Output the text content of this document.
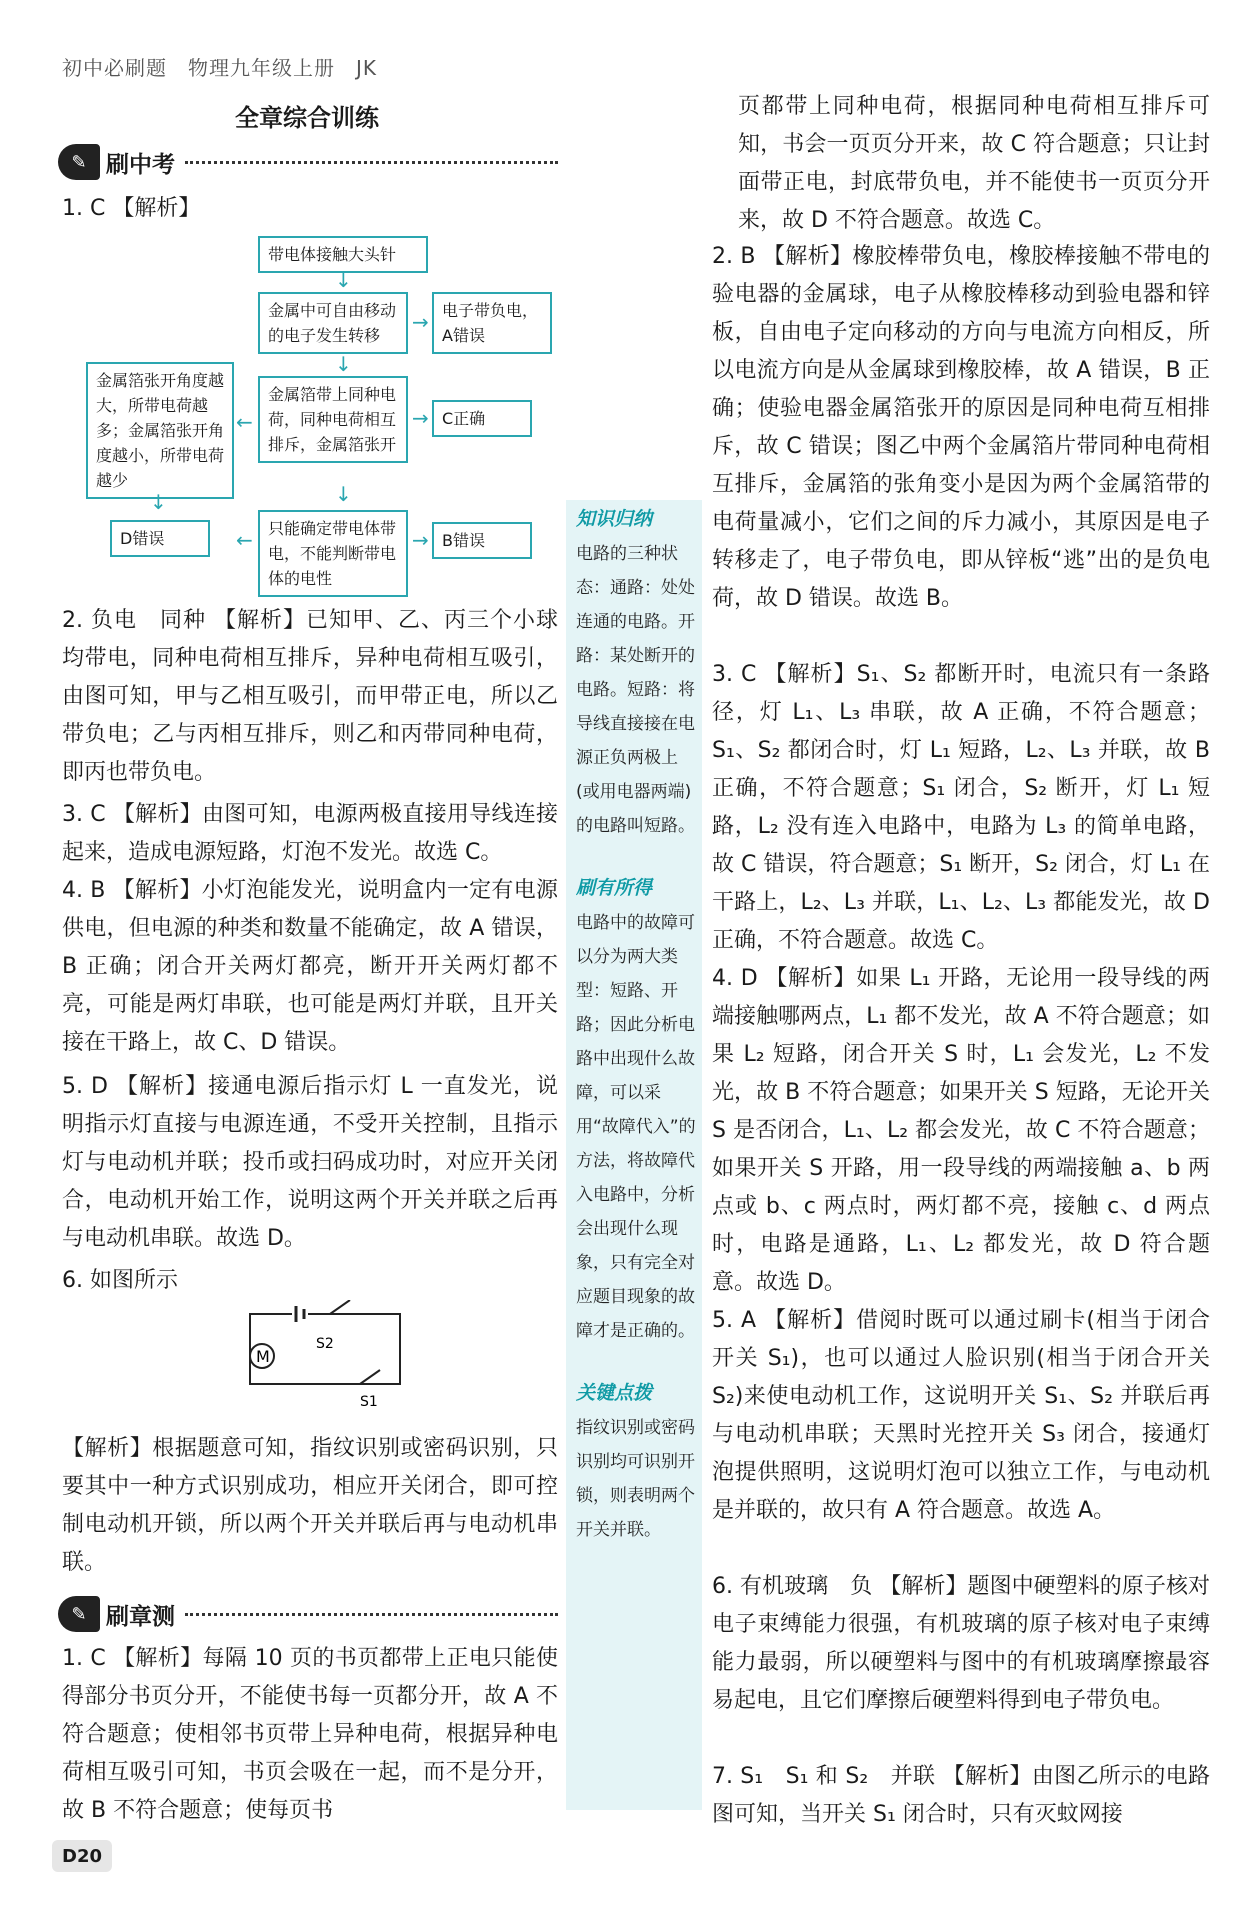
初中必刷题　物理九年级上册　JK
全章综合训练
✎ 刷中考
1. C 【解析】
带电体接触大头针
↓
金属中可自由移动的电子发生转移
→ 电子带负电，A错误
↓
金属箔带上同种电荷，同种电荷相互排斥，金属箔张开
→ C正确
←
金属箔张开角度越大，所带电荷越多；金属箔张开角度越小，所带电荷越少
↓
D错误
↓
只能确定带电体带电，不能判断带电体的电性
←	→ B错误
2. 负电　同种 【解析】已知甲、乙、丙三个小球均带电，同种电荷相互排斥，异种电荷相互吸引，由图可知，甲与乙相互吸引，而甲带正电，所以乙带负电；乙与丙相互排斥，则乙和丙带同种电荷，即丙也带负电。
3. C 【解析】由图可知，电源两极直接用导线连接起来，造成电源短路，灯泡不发光。故选 C。
4. B 【解析】小灯泡能发光，说明盒内一定有电源供电，但电源的种类和数量不能确定，故 A 错误，B 正确；闭合开关两灯都亮，断开开关两灯都不亮，可能是两灯串联，也可能是两灯并联，且开关接在干路上，故 C、D 错误。
5. D 【解析】接通电源后指示灯 L 一直发光，说明指示灯直接与电源连通，不受开关控制，且指示灯与电动机并联；投币或扫码成功时，对应开关闭合，电动机开始工作，说明这两个开关并联之后再与电动机串联。故选 D。
6. 如图所示
M
S2
S1
【解析】根据题意可知，指纹识别或密码识别，只要其中一种方式识别成功，相应开关闭合，即可控制电动机开锁，所以两个开关并联后再与电动机串联。
✎ 刷章测
1. C 【解析】每隔 10 页的书页都带上正电只能使得部分书页分开，不能使书每一页都分开，故 A 不符合题意；使相邻书页带上异种电荷，根据异种电荷相互吸引可知，书页会吸在一起，而不是分开，故 B 不符合题意；使每页书
知识归纳
电路的三种状态：通路：处处连通的电路。开路：某处断开的电路。短路：将导线直接接在电源正负两极上(或用电器两端)的电路叫短路。
刷有所得
电路中的故障可以分为两大类型：短路、开路；因此分析电路中出现什么故障，可以采用“故障代入”的方法，将故障代入电路中，分析会出现什么现象，只有完全对应题目现象的故障才是正确的。
关键点拨
指纹识别或密码识别均可识别开锁，则表明两个开关并联。
页都带上同种电荷，根据同种电荷相互排斥可知，书会一页页分开来，故 C 符合题意；只让封面带正电，封底带负电，并不能使书一页页分开来，故 D 不符合题意。故选 C。
2. B 【解析】橡胶棒带负电，橡胶棒接触不带电的验电器的金属球，电子从橡胶棒移动到验电器和锌板，自由电子定向移动的方向与电流方向相反，所以电流方向是从金属球到橡胶棒，故 A 错误，B 正确；使验电器金属箔张开的原因是同种电荷互相排斥，故 C 错误；图乙中两个金属箔片带同种电荷相互排斥，金属箔的张角变小是因为两个金属箔带的电荷量减小，它们之间的斥力减小，其原因是电子转移走了，电子带负电，即从锌板“逃”出的是负电荷，故 D 错误。故选 B。
3. C 【解析】S₁、S₂ 都断开时，电流只有一条路径，灯 L₁、L₃ 串联，故 A 正确，不符合题意；S₁、S₂ 都闭合时，灯 L₁ 短路，L₂、L₃ 并联，故 B 正确，不符合题意；S₁ 闭合，S₂ 断开，灯 L₁ 短路，L₂ 没有连入电路中，电路为 L₃ 的简单电路，故 C 错误，符合题意；S₁ 断开，S₂ 闭合，灯 L₁ 在干路上，L₂、L₃ 并联，L₁、L₂、L₃ 都能发光，故 D 正确，不符合题意。故选 C。
4. D 【解析】如果 L₁ 开路，无论用一段导线的两端接触哪两点，L₁ 都不发光，故 A 不符合题意；如果 L₂ 短路，闭合开关 S 时，L₁ 会发光，L₂ 不发光，故 B 不符合题意；如果开关 S 短路，无论开关 S 是否闭合，L₁、L₂ 都会发光，故 C 不符合题意；如果开关 S 开路，用一段导线的两端接触 a、b 两点或 b、c 两点时，两灯都不亮，接触 c、d 两点时，电路是通路，L₁、L₂ 都发光，故 D 符合题意。故选 D。
5. A 【解析】借阅时既可以通过刷卡(相当于闭合开关 S₁)，也可以通过人脸识别(相当于闭合开关 S₂)来使电动机工作，这说明开关 S₁、S₂ 并联后再与电动机串联；天黑时光控开关 S₃ 闭合，接通灯泡提供照明，这说明灯泡可以独立工作，与电动机是并联的，故只有 A 符合题意。故选 A。
6. 有机玻璃　负 【解析】题图中硬塑料的原子核对电子束缚能力很强，有机玻璃的原子核对电子束缚能力最弱，所以硬塑料与图中的有机玻璃摩擦最容易起电，且它们摩擦后硬塑料得到电子带负电。
7. S₁　S₁ 和 S₂　并联 【解析】由图乙所示的电路图可知，当开关 S₁ 闭合时，只有灭蚊网接
D20
